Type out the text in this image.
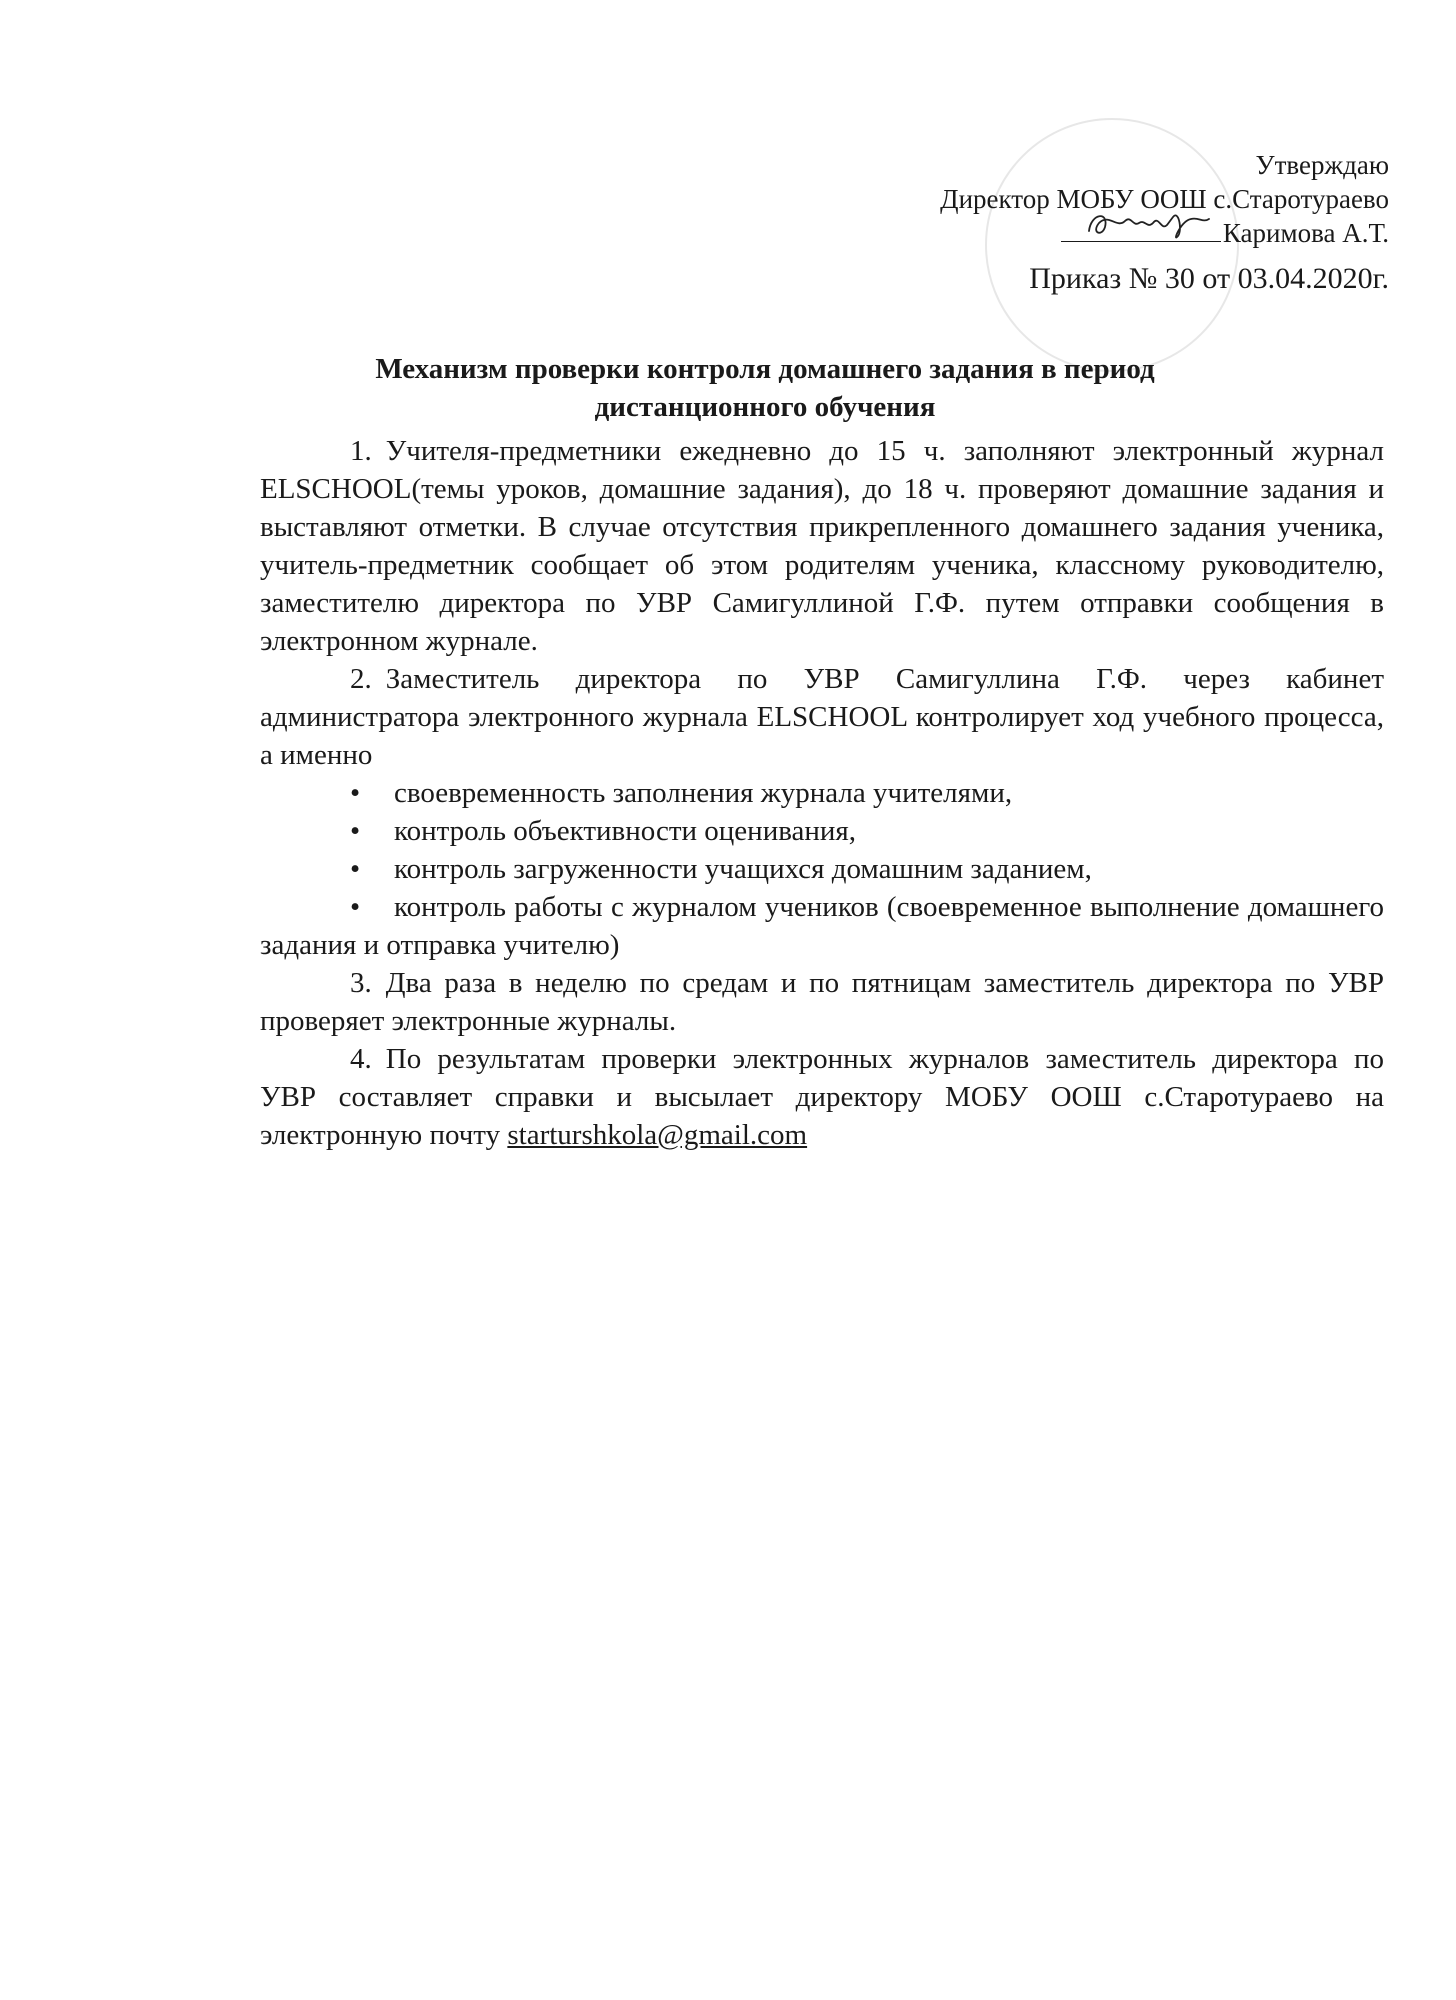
Утверждаю
Директор МОБУ ООШ с.Старотураево
Каримова А.Т.
Приказ № 30 от 03.04.2020г.
Механизм проверки контроля домашнего задания в период
дистанционного обучения

1. Учителя-предметники ежедневно до 15 ч. заполняют электронный журнал ELSCHOOL(темы уроков, домашние задания), до 18 ч. проверяют домашние задания и выставляют отметки. В случае отсутствия прикрепленного домашнего задания ученика, учитель-предметник сообщает об этом родителям ученика, классному руководителю, заместителю директора по УВР Самигуллиной Г.Ф. путем отправки сообщения в электронном журнале.

2. Заместитель директора по УВР Самигуллина Г.Ф. через кабинет администратора электронного журнала ELSCHOOL контролирует ход учебного процесса, а именно

• своевременность заполнения журнала учителями,

• контроль объективности оценивания,

• контроль загруженности учащихся домашним заданием,

• контроль работы с журналом учеников (своевременное выполнение домашнего задания и отправка учителю)

3. Два раза в неделю по средам и по пятницам заместитель директора по УВР проверяет электронные журналы.

4. По результатам проверки электронных журналов заместитель директора по УВР составляет справки и высылает директору МОБУ ООШ с.Старотураево на электронную почту starturshkola@gmail.com
